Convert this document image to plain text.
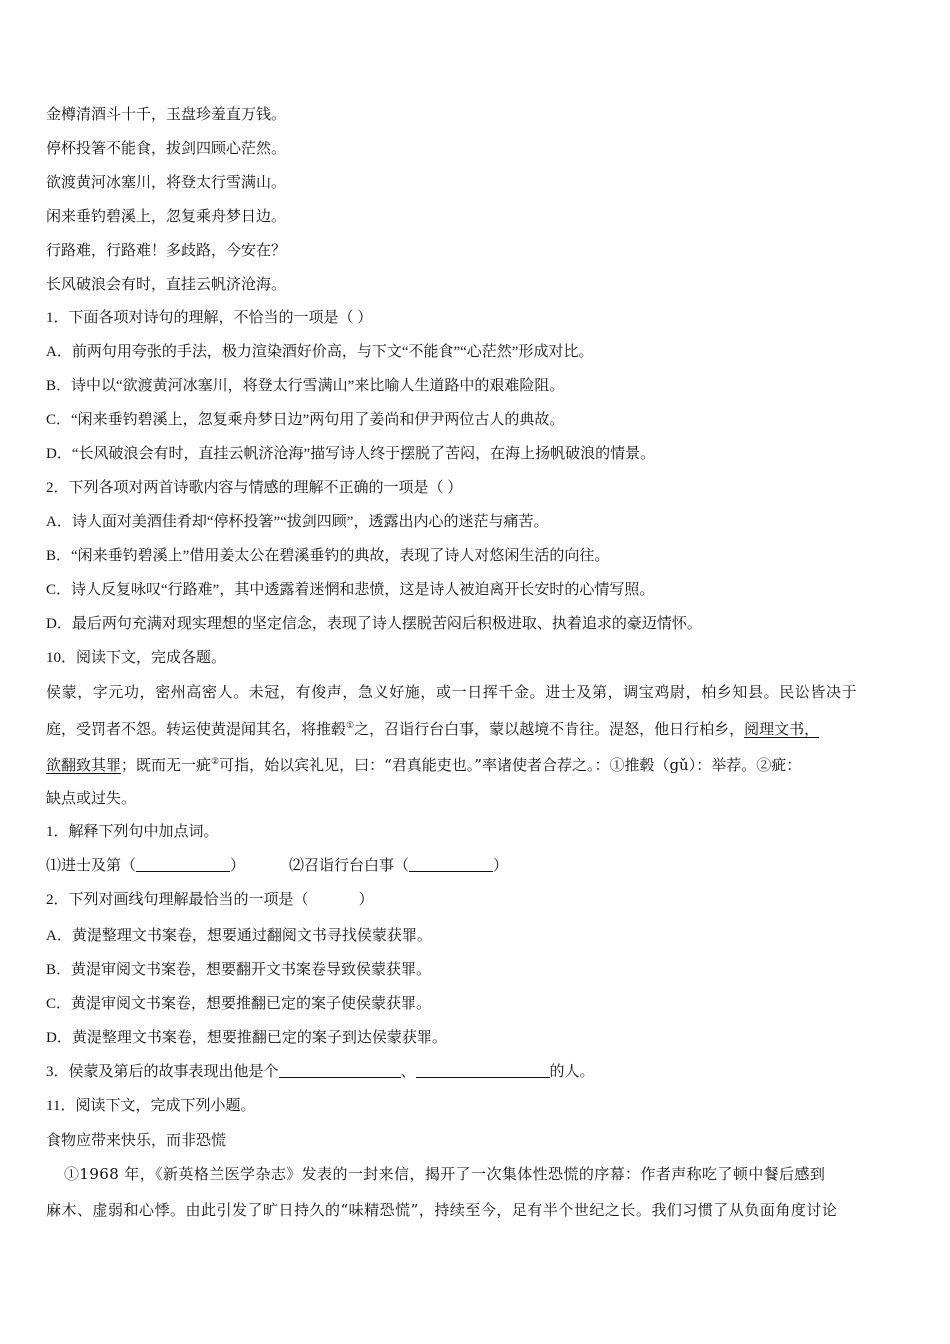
金樽清酒斗十千，玉盘珍羞直万钱。
停杯投箸不能食，拔剑四顾心茫然。
欲渡黄河冰塞川，将登太行雪满山。
闲来垂钓碧溪上，忽复乘舟梦日边。
行路难，行路难！多歧路，今安在？
长风破浪会有时，直挂云帆济沧海。
1．下面各项对诗句的理解，不恰当的一项是（ ）
A．前两句用夸张的手法，极力渲染酒好价高，与下文“不能食”“心茫然”形成对比。
B．诗中以“欲渡黄河冰塞川，将登太行雪满山”来比喻人生道路中的艰难险阻。
C．“闲来垂钓碧溪上，忽复乘舟梦日边”两句用了姜尚和伊尹两位古人的典故。
D．“长风破浪会有时，直挂云帆济沧海”描写诗人终于摆脱了苦闷，在海上扬帆破浪的情景。
2．下列各项对两首诗歌内容与情感的理解不正确的一项是（ ）
A．诗人面对美酒佳肴却“停杯投箸”“拔剑四顾”，透露出内心的迷茫与痛苦。
B．“闲来垂钓碧溪上”借用姜太公在碧溪垂钓的典故，表现了诗人对悠闲生活的向往。
C．诗人反复咏叹“行路难”，其中透露着迷惘和悲愤，这是诗人被迫离开长安时的心情写照。
D．最后两句充满对现实理想的坚定信念，表现了诗人摆脱苦闷后积极进取、执着追求的豪迈情怀。
10．阅读下文，完成各题。
侯蒙，字元功，密州高密人。未冠，有俊声，急义好施，或一日挥千金。进士及第，调宝鸡尉，柏乡知县。民讼皆决于
庭，受罚者不怨。转运使黄湜闻其名，将推毂①之，召诣行台白事，蒙以越境不肯往。湜怒，他日行柏乡，阅理文书，
欲翻致其罪；既而无一疵②可指，始以宾礼见，曰：“君真能吏也。”率诸使者合荐之。：①推毂（gǔ）：举荐。②疵：
缺点或过失。
1．解释下列句中加点词。
⑴进士及第（	）	⑵召诣行台白事（	）
2．下列对画线句理解最恰当的一项是（	）
A．黄湜整理文书案卷，想要通过翻阅文书寻找侯蒙获罪。
B．黄湜审阅文书案卷，想要翻开文书案卷导致侯蒙获罪。
C．黄湜审阅文书案卷，想要推翻已定的案子使侯蒙获罪。
D．黄湜整理文书案卷，想要推翻已定的案子到达侯蒙获罪。
3．侯蒙及第后的故事表现出他是个	、	的人。
11．阅读下文，完成下列小题。
食物应带来快乐，而非恐慌
①1968 年，《新英格兰医学杂志》发表的一封来信，揭开了一次集体性恐慌的序幕：作者声称吃了顿中餐后感到
麻木、虚弱和心悸。由此引发了旷日持久的“味精恐慌”，持续至今，足有半个世纪之长。我们习惯了从负面角度讨论
